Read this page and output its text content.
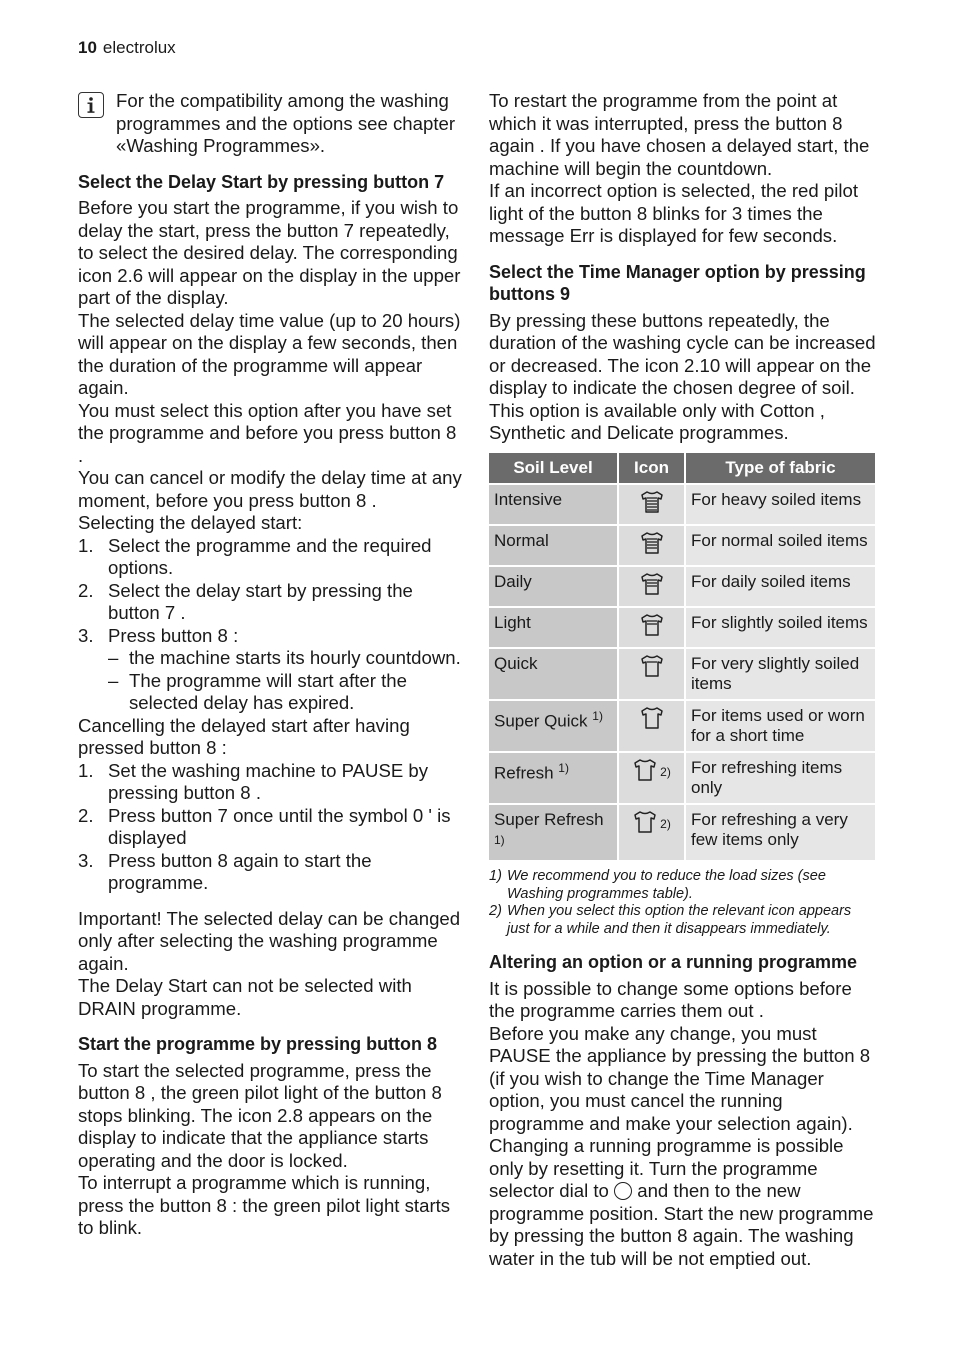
10 electrolux

For the compatibility among the washing programmes and the options see chapter «Washing Programmes».

Select the Delay Start by pressing button 7

Before you start the programme, if you wish to delay the start, press the button 7 repeatedly, to select the desired delay. The corresponding icon 2.6 will appear on the display in the upper part of the display.

The selected delay time value (up to 20 hours) will appear on the display a few seconds, then the duration of the programme will appear again.

You must select this option after you have set the programme and before you press button 8 .

You can cancel or modify the delay time at any moment, before you press button 8 .

Selecting the delayed start:

1. Select the programme and the required options.
2. Select the delay start by pressing the button 7 .
3. Press button 8 :
– the machine starts its hourly countdown.
– The programme will start after the selected delay has expired.

Cancelling the delayed start after having pressed button 8 :

1. Set the washing machine to PAUSE by pressing button 8 .
2. Press button 7 once until the symbol 0 ' is displayed
3. Press button 8 again to start the programme.

Important! The selected delay can be changed only after selecting the washing programme again.

The Delay Start can not be selected with DRAIN programme.

Start the programme by pressing button 8

To start the selected programme, press the button 8 , the green pilot light of the button 8 stops blinking. The icon 2.8 appears on the display to indicate that the appliance starts operating and the door is locked.

To interrupt a programme which is running, press the button 8 : the green pilot light starts to blink.

To restart the programme from the point at which it was interrupted, press the button 8 again . If you have chosen a delayed start, the machine will begin the countdown.

If an incorrect option is selected, the red pilot light of the button 8 blinks for 3 times the message Err is displayed for few seconds.

Select the Time Manager option by pressing buttons 9

By pressing these buttons repeatedly, the duration of the washing cycle can be increased or decreased. The icon 2.10 will appear on the display to indicate the chosen degree of soil. This option is available only with Cotton , Synthetic and Delicate programmes.

Soil Level	Icon	Type of fabric
Intensive		For heavy soiled items
Normal		For normal soiled items
Daily		For daily soiled items
Light		For slightly soiled items
Quick		For very slightly soiled items
Super Quick $^{1)}$		For items used or worn for a short time
Refresh $^{1)}$	$^{2)}$	For refreshing items only
Super Refresh $^{1)}$	$^{2)}$	For refreshing a very few items only
1) We recommend you to reduce the load sizes (see Washing programmes table).
2) When you select this option the relevant icon appears just for a while and then it disappears immediately.
Altering an option or a running programme

It is possible to change some options before the programme carries them out .

Before you make any change, you must PAUSE the appliance by pressing the button 8 (if you wish to change the Time Manager option, you must cancel the running programme and make your selection again).

Changing a running programme is possible only by resetting it. Turn the programme selector dial to and then to the new programme position. Start the new programme by pressing the button 8 again. The washing water in the tub will be not emptied out.
